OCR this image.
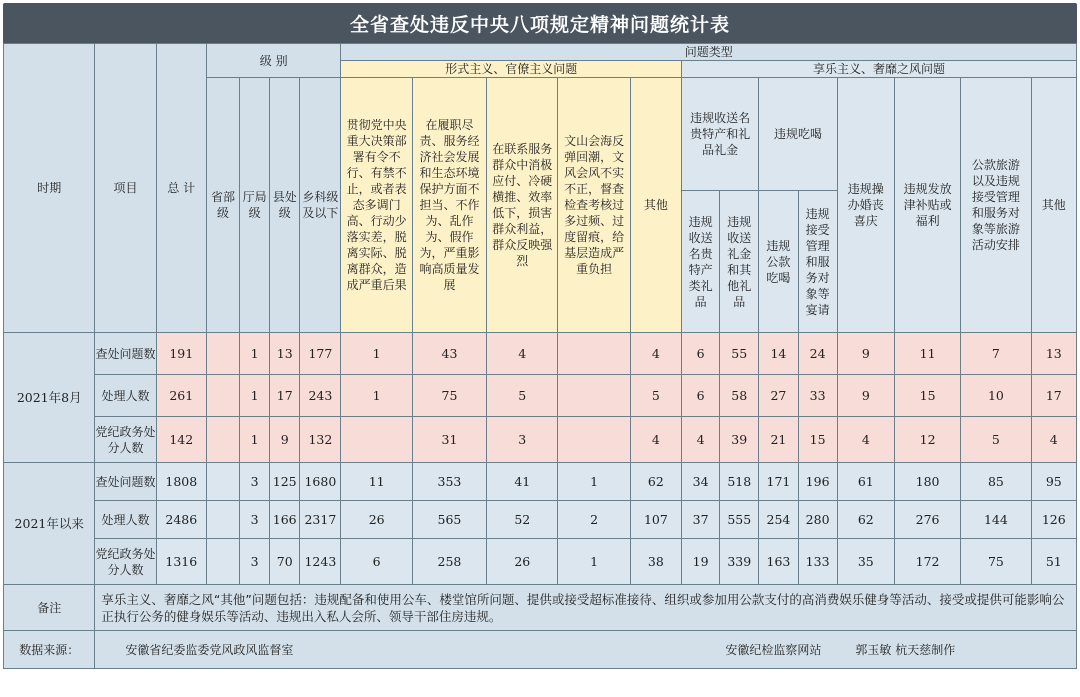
全省查处违反中央八项规定精神问题统计表
时期	项目	总 计	级 别				问题类型												
							形式主义、官僚主义问题					享乐主义、奢靡之风问题							
			省部级	厅局级	县处级	乡科级及以下	贯彻党中央重大决策部署有令不行、有禁不止，或者表态多调门高、行动少落实差，脱离实际、脱离群众，造成严重后果	在履职尽责、服务经济社会发展和生态环境保护方面不担当、不作为、乱作为、假作为，严重影响高质量发展	在联系服务群众中消极应付、冷硬横推、效率低下，损害群众利益，群众反映强烈	文山会海反弹回潮，文风会风不实不正，督查检查考核过多过频、过度留痕，给基层造成严重负担	其他	违规收送名贵特产和礼品礼金		违规吃喝		违规操办婚丧喜庆	违规发放津补贴或福利	公款旅游以及违规接受管理和服务对象等旅游活动安排	其他
												违规收送名贵特产类礼品	违规收送礼金和其他礼品	违规公款吃喝	违规接受管理和服务对象等宴请				
2021年8月	查处问题数	191		1	13	177	1	43	4		4	6	55	14	24	9	11	7	13
	处理人数	261		1	17	243	1	75	5		5	6	58	27	33	9	15	10	17
	党纪政务处分人数	142		1	9	132		31	3		4	4	39	21	15	4	12	5	4
2021年以来	查处问题数	1808		3	125	1680	11	353	41	1	62	34	518	171	196	61	180	85	95
	处理人数	2486		3	166	2317	26	565	52	2	107	37	555	254	280	62	276	144	126
	党纪政务处分人数	1316		3	70	1243	6	258	26	1	38	19	339	163	133	35	172	75	51
备注	享乐主义、奢靡之风“其他”问题包括：违规配备和使用公车、楼堂馆所问题、提供或接受超标准接待、组织或参加用公款支付的高消费娱乐健身等活动、接受或提供可能影响公正执行公务的健身娱乐等活动、违规出入私人会所、领导干部住房违规。																		
数据来源：	安徽省纪委监委党风政风监督室 安徽纪检监察网站 郭玉敏 杭天慈制作																		
